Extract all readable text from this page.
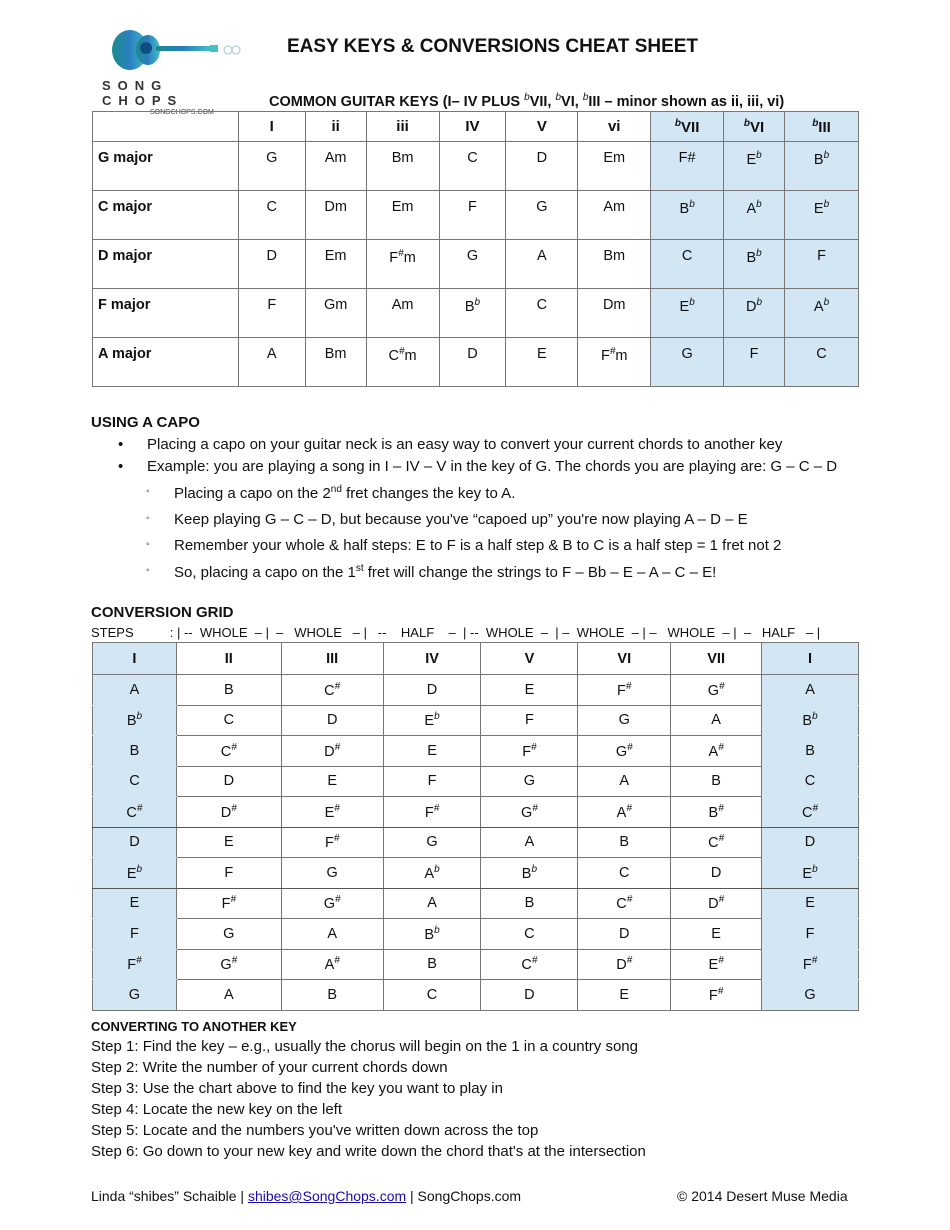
SONG CHOPS
SONGCHOPS.COM
EASY KEYS & CONVERSIONS CHEAT SHEET
COMMON GUITAR KEYS (I– IV PLUS $^b$VII, $^b$VI, $^b$III – minor shown as ii, iii, vi)
	I	ii	iii	IV	V	vi	$^b$VII	$^b$VI	$^b$III
G major	G	Am	Bm	C	D	Em	F#	$E^b$	$B^b$
C major	C	Dm	Em	F	G	Am	$B^b$	$A^b$	$E^b$
D major	D	Em	F#m	G	A	Bm	C	$B^b$	F
F major	F	Gm	Am	$B^b$	C	Dm	$E^b$	$D^b$	$A^b$
A major	A	Bm	C#m	D	E	F#m	G	F	C
USING A CAPO
• Placing a capo on your guitar neck is an easy way to convert your current chords to another key
• Example: you are playing a song in I – IV – V in the key of G. The chords you are playing are: G – C – D
◦ Placing a capo on the 2nd fret changes the key to A.
◦ Keep playing G – C – D, but because you've “capoed up” you're now playing A – D – E
◦ Remember your whole & half steps: E to F is a half step & B to C is a half step = 1 fret not 2
◦ So, placing a capo on the 1st fret will change the strings to F – Bb – E – A – C – E!
CONVERSION GRID
STEPS          : | --  WHOLE  – |  –   WHOLE   – |   --    HALF    –  | --  WHOLE  –  | –  WHOLE  – | –   WHOLE  – |  –   HALF   – |
I	II	III	IV	V	VI	VII	I
A	B	C#	D	E	F#	G#	A
$B^b$	C	D	$E^b$	F	G	A	$B^b$
B	C#	D#	E	F#	G#	A#	B
C	D	E	F	G	A	B	C
C#	D#	E#	F#	G#	A#	B#	C#
D	E	F#	G	A	B	C#	D
$E^b$	F	G	$A^b$	$B^b$	C	D	$E^b$
E	F#	G#	A	B	C#	D#	E
F	G	A	$B^b$	C	D	E	F
F#	G#	A#	B	C#	D#	E#	F#
G	A	B	C	D	E	F#	G
CONVERTING TO ANOTHER KEY
Step 1: Find the key – e.g., usually the chorus will begin on the 1 in a country song
Step 2: Write the number of your current chords down
Step 3: Use the chart above to find the key you want to play in
Step 4: Locate the new key on the left
Step 5: Locate and the numbers you've written down across the top
Step 6: Go down to your new key and write down the chord that's at the intersection
Linda “shibes” Schaible | shibes@SongChops.com | SongChops.com	© 2014 Desert Muse Media
